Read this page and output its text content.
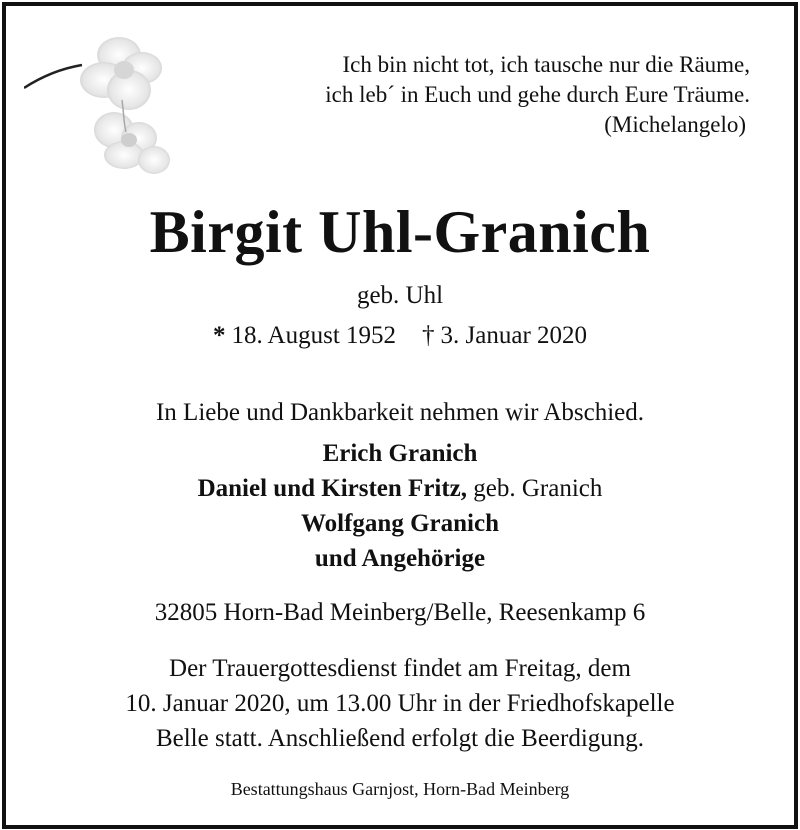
Ich bin nicht tot, ich tausche nur die Räume,
ich leb´ in Euch und gehe durch Eure Träume.
(Michelangelo)
Birgit Uhl-Granich
geb. Uhl
* 18. August 1952 † 3. Januar 2020
In Liebe und Dankbarkeit nehmen wir Abschied.
Erich Granich
Daniel und Kirsten Fritz, geb. Granich
Wolfgang Granich
und Angehörige
32805 Horn-Bad Meinberg/Belle, Reesenkamp 6
Der Trauergottesdienst findet am Freitag, dem
10. Januar 2020, um 13.00 Uhr in der Friedhofskapelle
Belle statt. Anschließend erfolgt die Beerdigung.
Bestattungshaus Garnjost, Horn-Bad Meinberg
